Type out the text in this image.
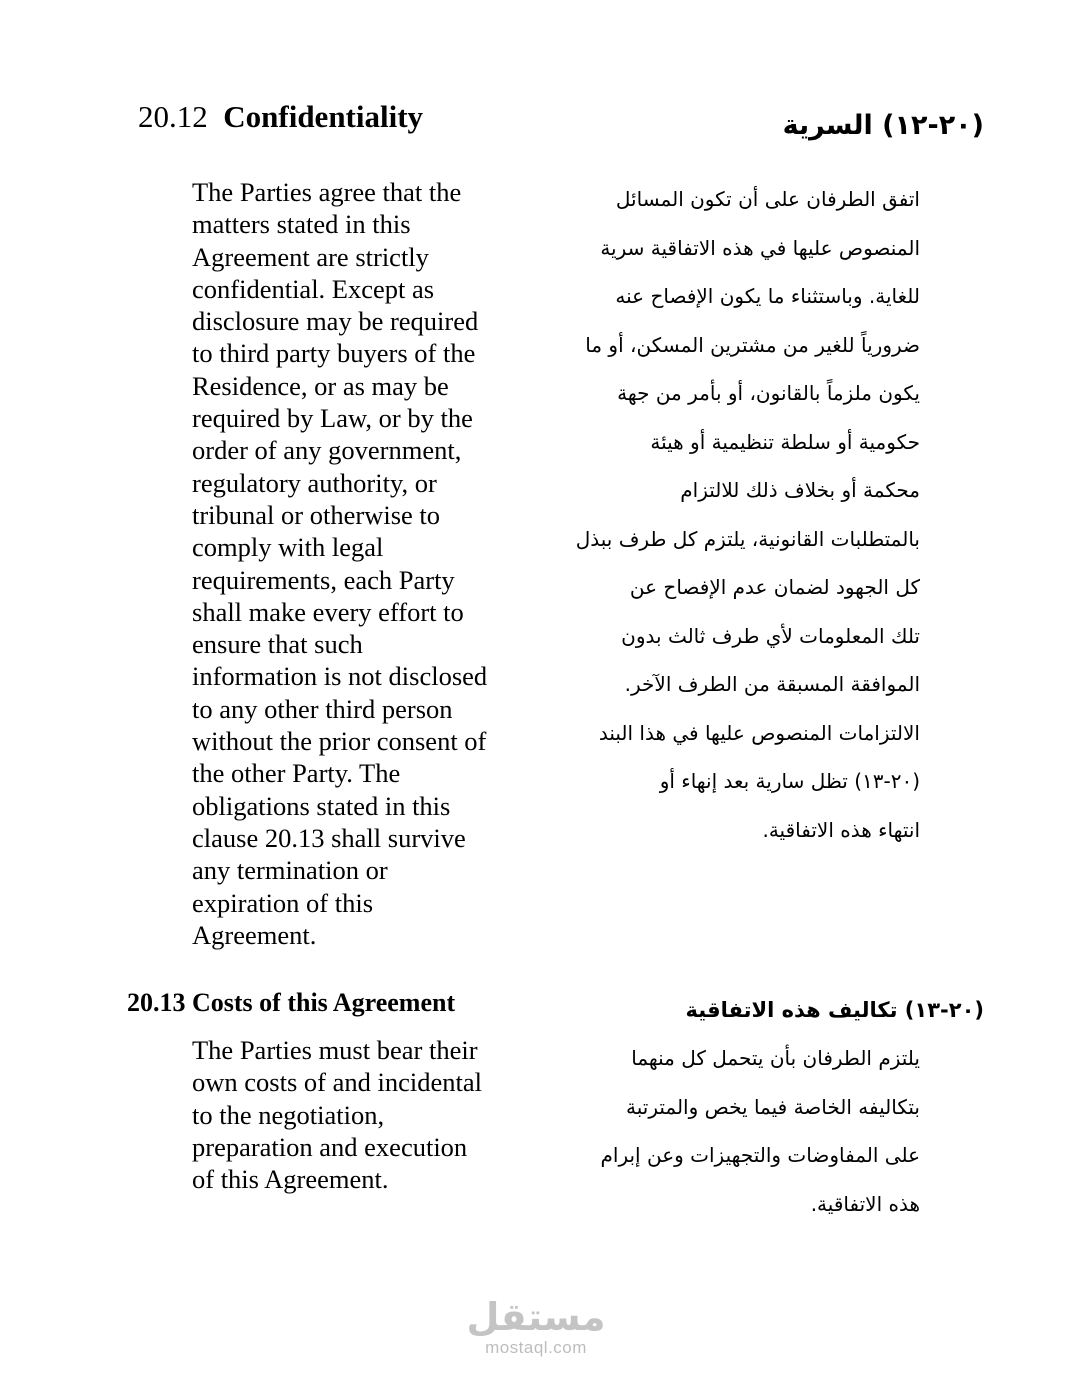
20.12 Confidentiality	(٢٠-١٢) السرية
The Parties agree that the
matters stated in this
Agreement are strictly
confidential. Except as
disclosure may be required
to third party buyers of the
Residence, or as may be
required by Law, or by the
order of any government,
regulatory authority, or
tribunal or otherwise to
comply with legal
requirements, each Party
shall make every effort to
ensure that such
information is not disclosed
to any other third person
without the prior consent of
the other Party. The
obligations stated in this
clause 20.13 shall survive
any termination or
expiration of this
Agreement.
اتفق الطرفان على أن تكون المسائل
المنصوص عليها في هذه الاتفاقية سرية
للغاية. وباستثناء ما يكون الإفصاح عنه
ضرورياً للغير من مشترين المسكن، أو ما
يكون ملزماً بالقانون، أو بأمر من جهة
حكومية أو سلطة تنظيمية أو هيئة
محكمة أو بخلاف ذلك للالتزام
بالمتطلبات القانونية، يلتزم كل طرف ببذل
كل الجهود لضمان عدم الإفصاح عن
تلك المعلومات لأي طرف ثالث بدون
الموافقة المسبقة من الطرف الآخر.
الالتزامات المنصوص عليها في هذا البند
(٢٠-١٣) تظل سارية بعد إنهاء أو
انتهاء هذه الاتفاقية.
20.13 Costs of this Agreement	(٢٠-١٣) تكاليف هذه الاتفاقية
The Parties must bear their
own costs of and incidental
to the negotiation,
preparation and execution
of this Agreement.
يلتزم الطرفان بأن يتحمل كل منهما
بتكاليفه الخاصة فيما يخص والمترتبة
على المفاوضات والتجهيزات وعن إبرام
هذه الاتفاقية.
مستقل
mostaql.com
